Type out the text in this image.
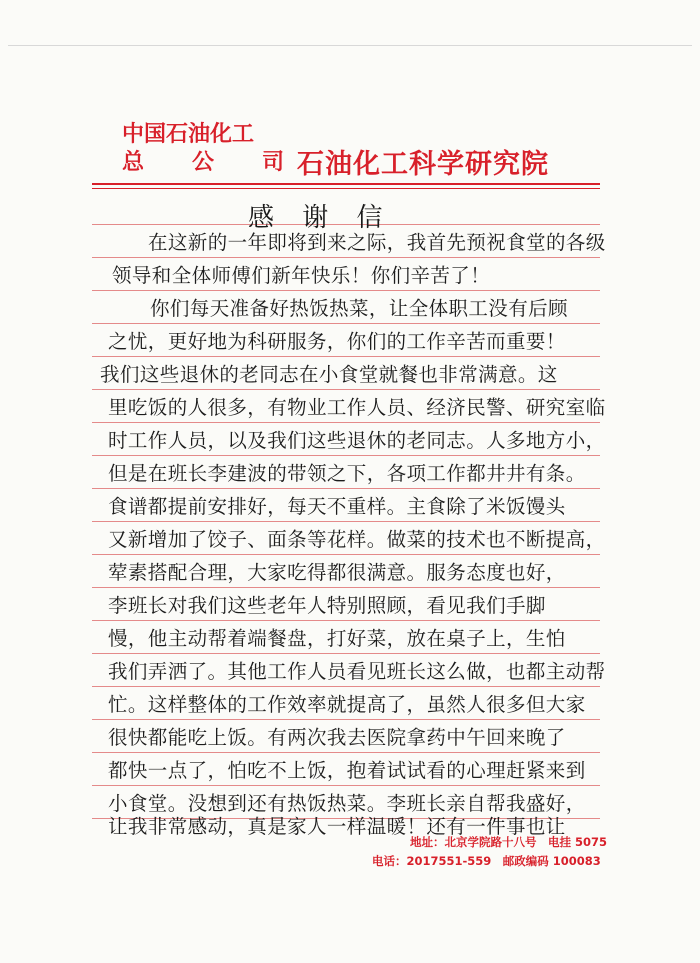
中国石油化工
总　公　司 石油化工科学研究院
感 谢 信
在这新的一年即将到来之际，我首先预祝食堂的各级
领导和全体师傅们新年快乐！你们辛苦了！
你们每天准备好热饭热菜，让全体职工没有后顾
之忧，更好地为科研服务，你们的工作辛苦而重要！
我们这些退休的老同志在小食堂就餐也非常满意。这
里吃饭的人很多，有物业工作人员、经济民警、研究室临
时工作人员，以及我们这些退休的老同志。人多地方小，
但是在班长李建波的带领之下，各项工作都井井有条。
食谱都提前安排好，每天不重样。主食除了米饭馒头
又新增加了饺子、面条等花样。做菜的技术也不断提高，
荤素搭配合理，大家吃得都很满意。服务态度也好，
李班长对我们这些老年人特别照顾，看见我们手脚
慢，他主动帮着端餐盘，打好菜，放在桌子上，生怕
我们弄洒了。其他工作人员看见班长这么做，也都主动帮
忙。这样整体的工作效率就提高了，虽然人很多但大家
很快都能吃上饭。有两次我去医院拿药中午回来晚了
都快一点了，怕吃不上饭，抱着试试看的心理赶紧来到
小食堂。没想到还有热饭热菜。李班长亲自帮我盛好，
让我非常感动，真是家人一样温暖！还有一件事也让
地址：北京学院路十八号　电挂 5075
电话：2017551-559　邮政编码 100083
